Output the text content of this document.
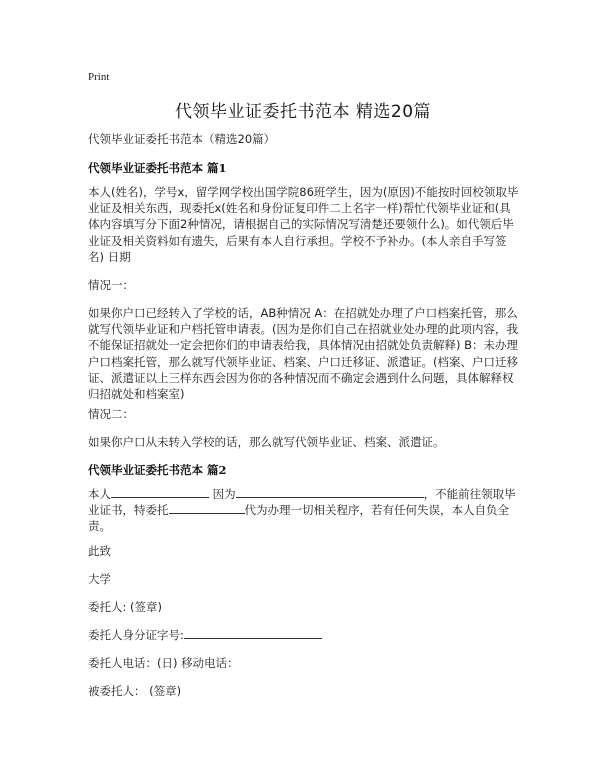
Print
代领毕业证委托书范本 精选20篇
代领毕业证委托书范本（精选20篇）
代领毕业证委托书范本 篇1
本人(姓名)，学号x，留学网学校出国学院86班学生，因为(原因)不能按时回校领取毕业证及相关东西，现委托x(姓名和身份证复印件二上名字一样)帮忙代领毕业证和(具体内容填写分下面2种情况，请根据自己的实际情况写清楚还要领什么)。如代领后毕业证及相关资料如有遗失，后果有本人自行承担。学校不予补办。(本人亲自手写签名) 日期
情况一：
如果你户口已经转入了学校的话，AB种情况 A：在招就处办理了户口档案托管，那么就写代领毕业证和户档托管申请表。(因为是你们自己在招就业处办理的此项内容，我不能保证招就处一定会把你们的申请表给我，具体情况由招就处负责解释) B：未办理户口档案托管，那么就写代领毕业证、档案、户口迁移证、派遣证。(档案、户口迁移证、派遣证以上三样东西会因为你的各种情况而不确定会遇到什么问题，具体解释权归招就处和档案室)
情况二：
如果你户口从未转入学校的话，那么就写代领毕业证、档案、派遣证。
代领毕业证委托书范本 篇2
本人	因为	，不能前往领取毕业证书，特委托	代为办理一切相关程序，若有任何失误，本人自负全责。
此致
大学
委托人: (签章)
委托人身分证字号:
委托人电话：(日) 移动电话：
被委托人： (签章)
